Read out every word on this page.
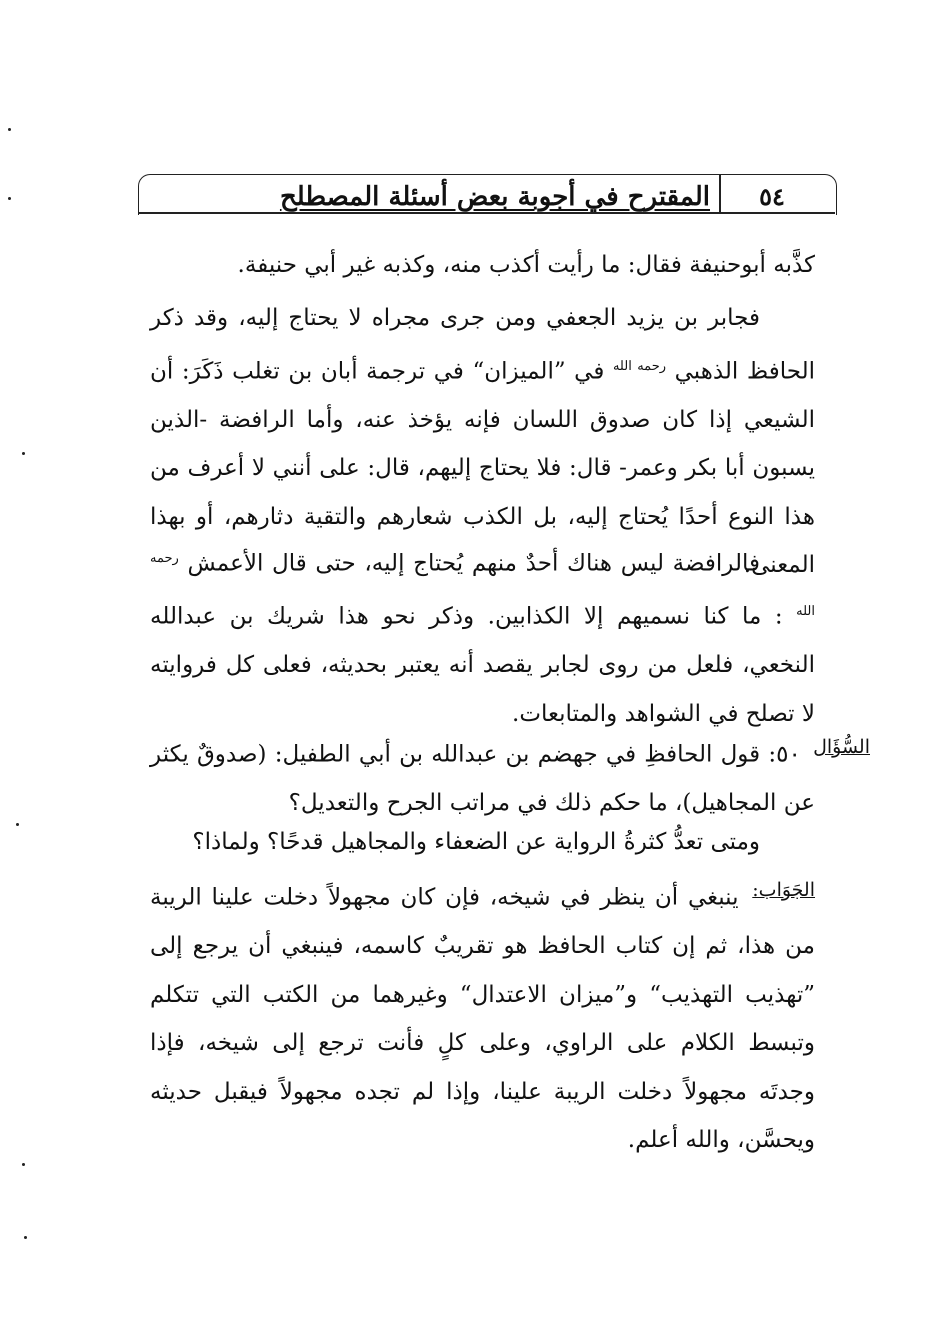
المقترح في أجوبة بعض أسئلة المصطلح	٥٤
كذَّبه أبوحنيفة فقال: ما رأيت أكذب منه، وكذبه غير أبي حنيفة.
فجابر بن يزيد الجعفي ومن جرى مجراه لا يحتاج إليه، وقد ذكر الحافظ الذهبي $^{رحمه الله}$ في ”الميزان“ في ترجمة أبان بن تغلب ذَكَرَ: أن الشيعي إذا كان صدوق اللسان فإنه يؤخذ عنه، وأما الرافضة -الذين يسبون أبا بكر وعمر- قال: فلا يحتاج إليهم، قال: على أنني لا أعرف من هذا النوع أحدًا يُحتاج إليه، بل الكذب شعارهم والتقية دثارهم، أو بهذا المعنى.
فالرافضة ليس هناك أحدٌ منهم يُحتاج إليه، حتى قال الأعمش $^{رحمه الله}$ : ما كنا نسميهم إلا الكذابين. وذكر نحو هذا شريك بن عبدالله النخعي، فلعل من روى لجابر يقصد أنه يعتبر بحديثه، فعلى كل فروايته لا تصلح في الشواهد والمتابعات.
$^{السُّؤَال}$ ٥٠: قول الحافظِ في جهضم بن عبدالله بن أبي الطفيل: (صدوقٌ يكثر عن المجاهيل)، ما حكم ذلك في مراتب الجرح والتعديل؟
ومتى تعدُّ كثرةُ الرواية عن الضعفاء والمجاهيل قدحًا؟ ولماذا؟
$^{الجَوَاب:}$ ينبغي أن ينظر في شيخه، فإن كان مجهولاً دخلت علينا الريبة من هذا، ثم إن كتاب الحافظ هو تقريبٌ كاسمه، فينبغي أن يرجع إلى ”تهذيب التهذيب“ و”ميزان الاعتدال“ وغيرهما من الكتب التي تتكلم وتبسط الكلام على الراوي، وعلى كلٍ فأنت ترجع إلى شيخه، فإذا وجدتَه مجهولاً دخلت الريبة علينا، وإذا لم تجده مجهولاً فيقبل حديثه ويحسَّن، والله أعلم.
